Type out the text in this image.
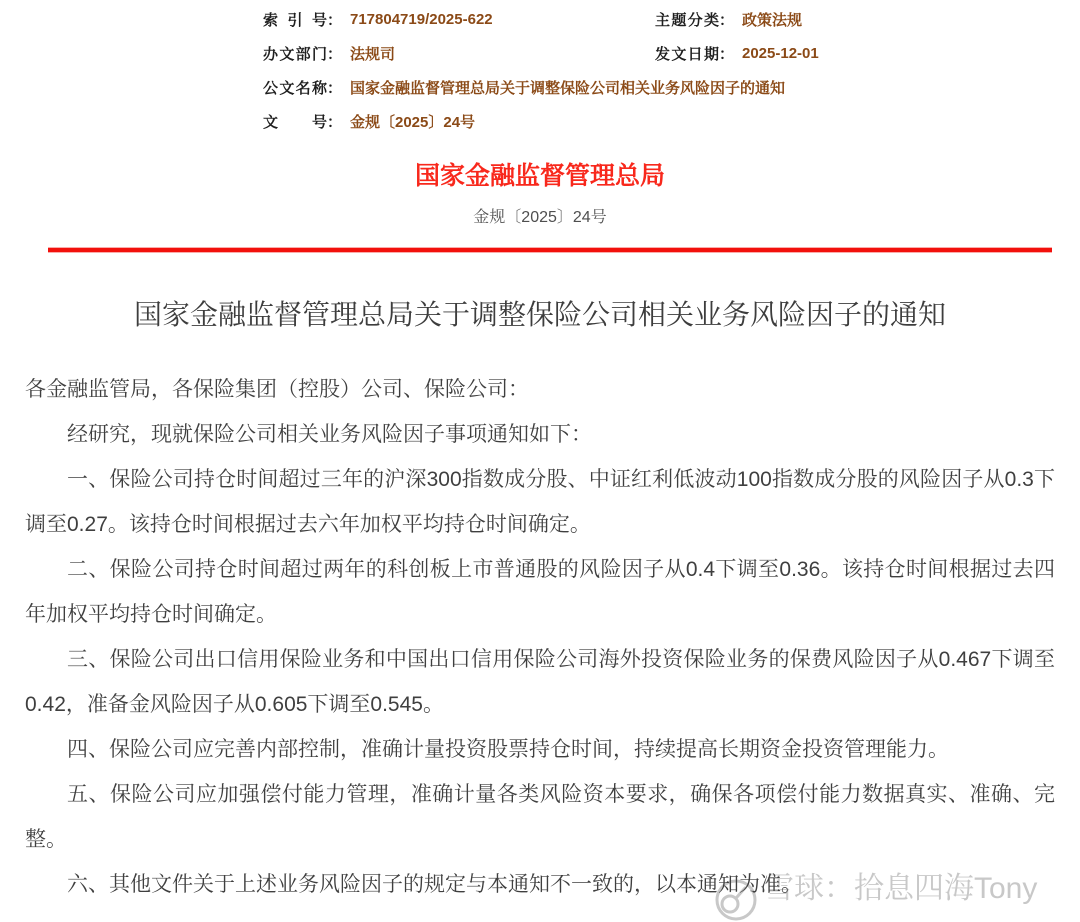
索引号 ： 717804719/2025-622	主题分类 ： 政策法规
办文部门 ： 法规司	发文日期 ： 2025-12-01
公文名称 ： 国家金融监督管理总局关于调整保险公司相关业务风险因子的通知
文号 ： 金规〔2025〕24号
国家金融监督管理总局
金规〔2025〕24号
国家金融监督管理总局关于调整保险公司相关业务风险因子的通知

各金融监管局，各保险集团（控股）公司、保险公司：

经研究，现就保险公司相关业务风险因子事项通知如下：

一、保险公司持仓时间超过三年的沪深300指数成分股、中证红利低波动100指数成分股的风险因子从0.3下调至0.27。该持仓时间根据过去六年加权平均持仓时间确定。

二、保险公司持仓时间超过两年的科创板上市普通股的风险因子从0.4下调至0.36。该持仓时间根据过去四年加权平均持仓时间确定。

三、保险公司出口信用保险业务和中国出口信用保险公司海外投资保险业务的保费风险因子从0.467下调至0.42，准备金风险因子从0.605下调至0.545。

四、保险公司应完善内部控制，准确计量投资股票持仓时间，持续提高长期资金投资管理能力。

五、保险公司应加强偿付能力管理，准确计量各类风险资本要求，确保各项偿付能力数据真实、准确、完整。

六、其他文件关于上述业务风险因子的规定与本通知不一致的，以本通知为准。

雪球：拾息四海Tony
